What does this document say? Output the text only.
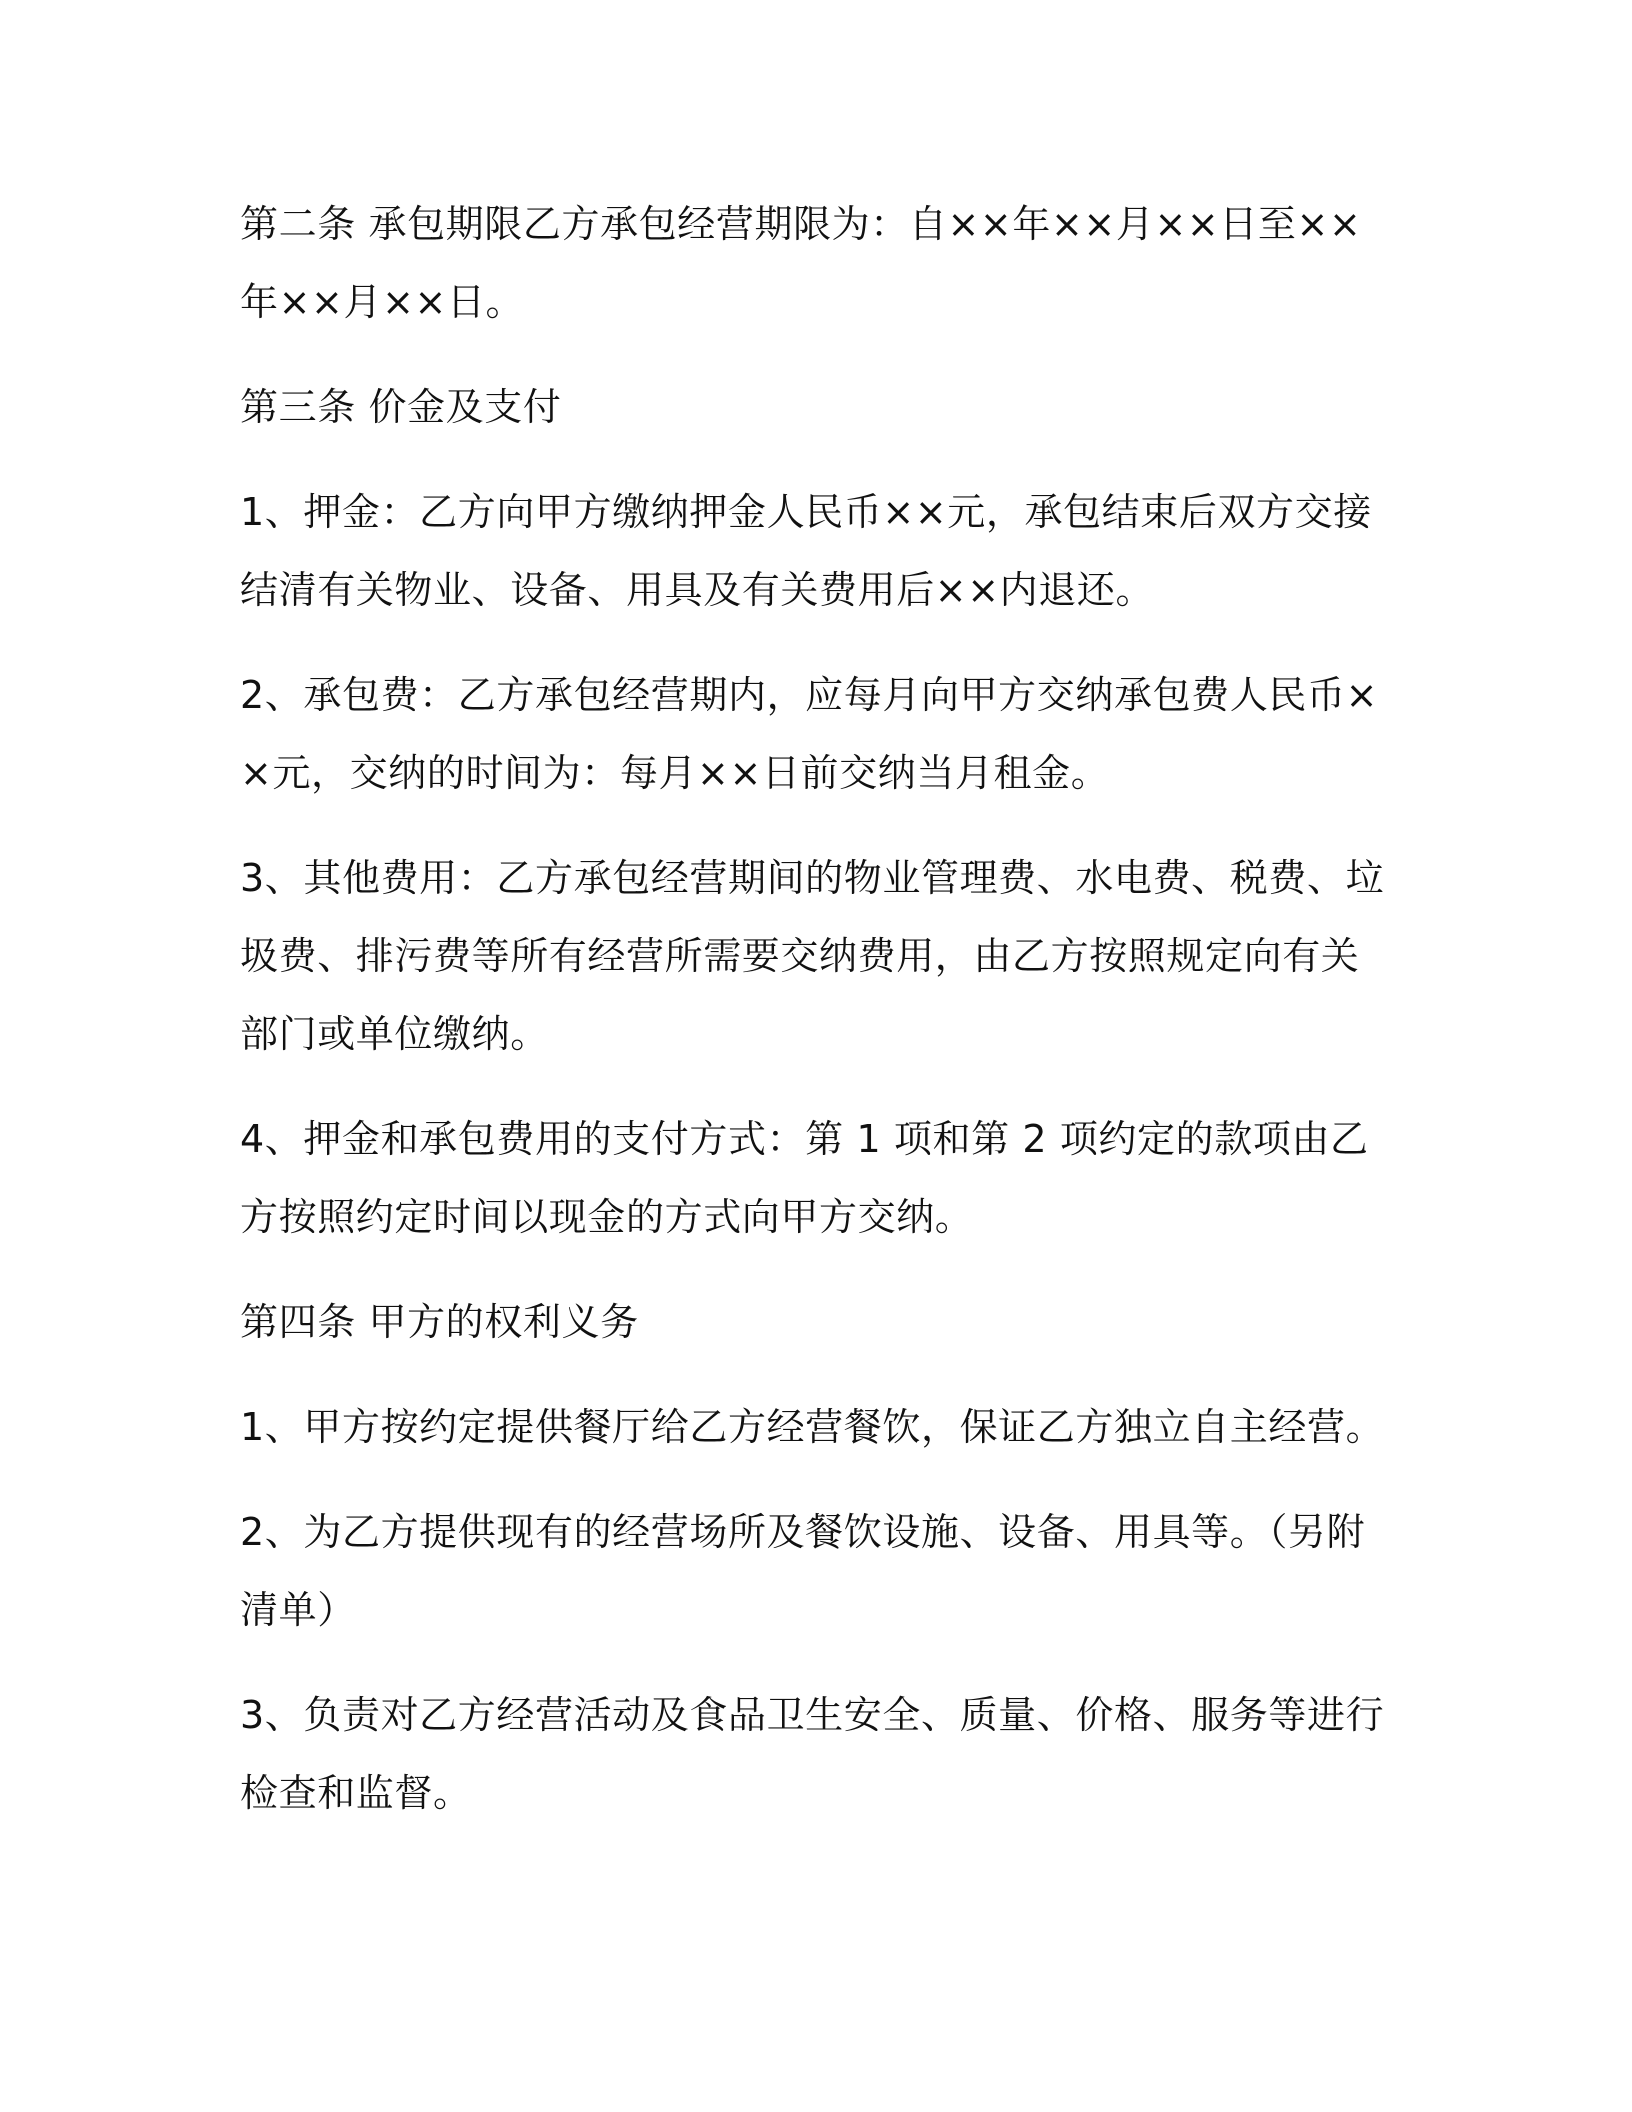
第二条 承包期限乙方承包经营期限为：自××年××月××日至××年××月××日。

第三条 价金及支付

1、押金：乙方向甲方缴纳押金人民币××元，承包结束后双方交接结清有关物业、设备、用具及有关费用后××内退还。

2、承包费：乙方承包经营期内，应每月向甲方交纳承包费人民币××元，交纳的时间为：每月××日前交纳当月租金。

3、其他费用：乙方承包经营期间的物业管理费、水电费、税费、垃圾费、排污费等所有经营所需要交纳费用，由乙方按照规定向有关部门或单位缴纳。

4、押金和承包费用的支付方式：第 1 项和第 2 项约定的款项由乙方按照约定时间以现金的方式向甲方交纳。

第四条 甲方的权利义务

1、甲方按约定提供餐厅给乙方经营餐饮，保证乙方独立自主经营。

2、为乙方提供现有的经营场所及餐饮设施、设备、用具等。（另附清单）

3、负责对乙方经营活动及食品卫生安全、质量、价格、服务等进行检查和监督。
